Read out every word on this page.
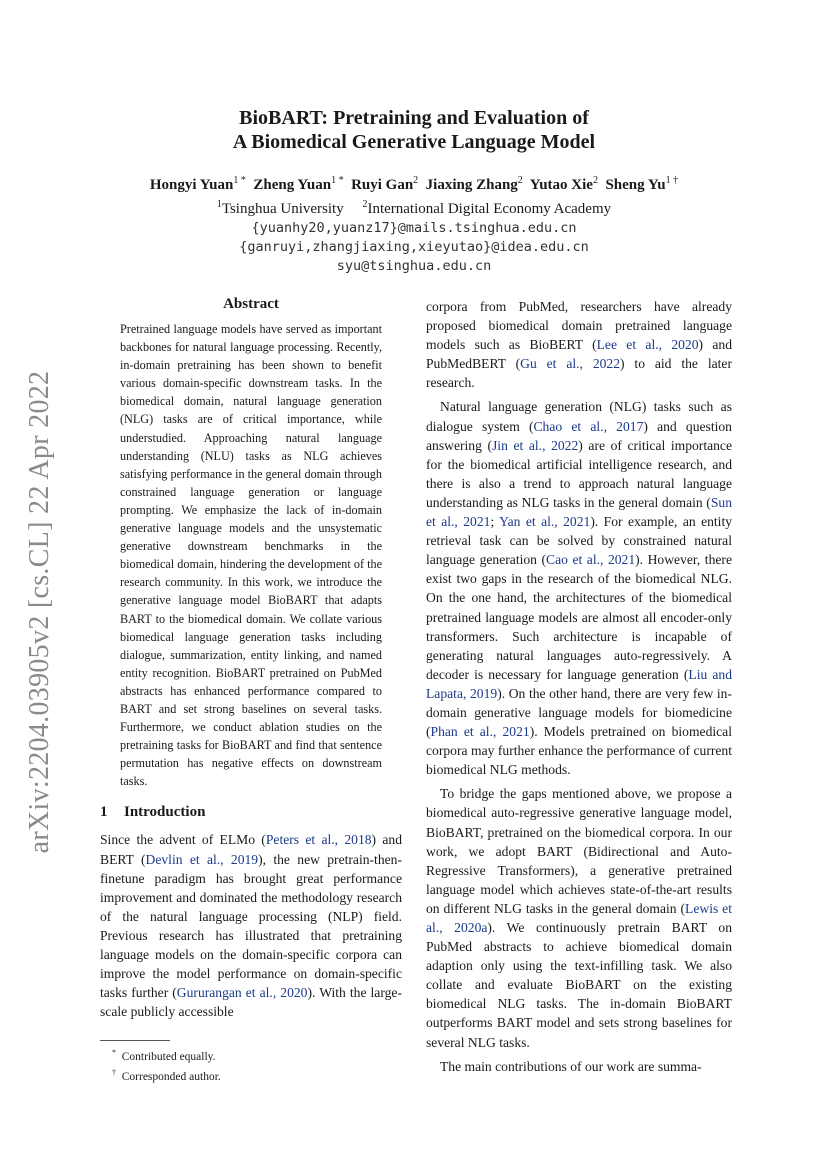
arXiv:2204.03905v2 [cs.CL] 22 Apr 2022
BioBART: Pretraining and Evaluation of
A Biomedical Generative Language Model
Hongyi Yuan$^{1 *}$ Zheng Yuan$^{1 *}$ Ruyi Gan$^2$ Jiaxing Zhang$^2$ Yutao Xie$^2$ Sheng $Yu^{1 \dagger}$
$^1$Tsinghua University $^2$International Digital Economy Academy
{yuanhy20,yuanz17}@mails.tsinghua.edu.cn
{ganruyi,zhangjiaxing,xieyutao}@idea.edu.cn
syu@tsinghua.edu.cn
Abstract

Pretrained language models have served as important backbones for natural language processing. Recently, in-domain pretraining has been shown to benefit various domain-specific downstream tasks. In the biomedical domain, natural language generation (NLG) tasks are of critical importance, while understudied. Approaching natural language understanding (NLU) tasks as NLG achieves satisfying performance in the general domain through constrained language generation or language prompting. We emphasize the lack of in-domain generative language models and the unsystematic generative downstream benchmarks in the biomedical domain, hindering the development of the research community. In this work, we introduce the generative language model BioBART that adapts BART to the biomedical domain. We collate various biomedical language generation tasks including dialogue, summarization, entity linking, and named entity recognition. BioBART pretrained on PubMed abstracts has enhanced performance compared to BART and set strong baselines on several tasks. Furthermore, we conduct ablation studies on the pretraining tasks for BioBART and find that sentence permutation has negative effects on downstream tasks.

1 Introduction

Since the advent of ELMo (Peters et al., 2018) and BERT (Devlin et al., 2019), the new pretrain-then-finetune paradigm has brought great performance improvement and dominated the methodology research of the natural language processing (NLP) field. Previous research has illustrated that pretraining language models on the domain-specific corpora can improve the model performance on domain-specific tasks further (Gururangan et al., 2020). With the large-scale publicly accessible

corpora from PubMed, researchers have already proposed biomedical domain pretrained language models such as BioBERT (Lee et al., 2020) and PubMedBERT (Gu et al., 2022) to aid the later research.

Natural language generation (NLG) tasks such as dialogue system (Chao et al., 2017) and question answering (Jin et al., 2022) are of critical importance for the biomedical artificial intelligence research, and there is also a trend to approach natural language understanding as NLG tasks in the general domain (Sun et al., 2021; Yan et al., 2021). For example, an entity retrieval task can be solved by constrained natural language generation (Cao et al., 2021). However, there exist two gaps in the research of the biomedical NLG. On the one hand, the architectures of the biomedical pretrained language models are almost all encoder-only transformers. Such architecture is incapable of generating natural languages auto-regressively. A decoder is necessary for language generation (Liu and Lapata, 2019). On the other hand, there are very few in-domain generative language models for biomedicine (Phan et al., 2021). Models pretrained on biomedical corpora may further enhance the performance of current biomedical NLG methods.

To bridge the gaps mentioned above, we propose a biomedical auto-regressive generative language model, BioBART, pretrained on the biomedical corpora. In our work, we adopt BART (Bidirectional and Auto-Regressive Transformers), a generative pretrained language model which achieves state-of-the-art results on different NLG tasks in the general domain (Lewis et al., 2020a). We continuously pretrain BART on PubMed abstracts to achieve biomedical domain adaption only using the text-infilling task. We also collate and evaluate BioBART on the existing biomedical NLG tasks. The in-domain BioBART outperforms BART model and sets strong baselines for several NLG tasks.

The main contributions of our work are summa-

* Contributed equally.
† Corresponded author.
